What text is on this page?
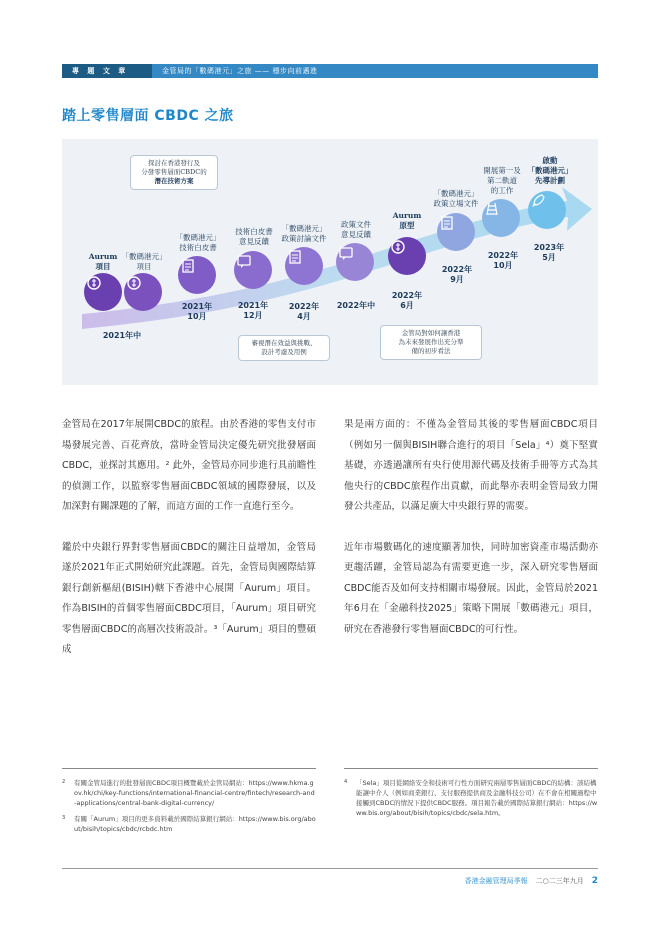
專 題 文 章	金管局的「數碼港元」之旅 —— 穩步向前邁進
踏上零售層面 CBDC 之旅
Aurum
項目
「數碼港元」
項目
「數碼港元」
技術白皮書
技術白皮書
意見反饋
「數碼港元」
政策討論文件
政策文件
意見反饋
Aurum
原型
「數碼港元」
政策立場文件
開展第一及
第二軌道
的工作
啟動
「數碼港元」
先導計劃
2021年中
2021年
10月
2021年
12月
2022年
4月
2022年中
2022年
6月
2022年
9月
2022年
10月
2023年
5月
探討在香港發行及
分發零售層面CBDC的
潛在技術方案
審視潛在效益與挑戰、
設計考慮及用例
金管局對如何讓香港
為未來發展作出充分準
備的初步看法

金管局在2017年展開CBDC的旅程。由於香港的零售支付市場發展完善、百花齊放，當時金管局決定優先研究批發層面CBDC，並探討其應用。² 此外，金管局亦同步進行具前瞻性的偵測工作，以監察零售層面CBDC領域的國際發展，以及加深對有關課題的了解，而這方面的工作一直進行至今。

鑑於中央銀行界對零售層面CBDC的關注日益增加，金管局遂於2021年正式開始研究此課題。首先，金管局與國際結算銀行創新樞紐(BISIH)轄下香港中心展開「Aurum」項目。作為BISIH的首個零售層面CBDC項目，「Aurum」項目研究零售層面CBDC的高層次技術設計。³「Aurum」項目的豐碩成

果是兩方面的：不僅為金管局其後的零售層面CBDC項目（例如另一個與BISIH聯合進行的項目「Sela」⁴）奠下堅實基礎，亦透過讓所有央行使用源代碼及技術手冊等方式為其他央行的CBDC旅程作出貢獻，而此舉亦表明金管局致力開發公共產品，以滿足廣大中央銀行界的需要。

近年市場數碼化的速度顯著加快，同時加密資產市場活動亦更趨活躍，金管局認為有需要更進一步，深入研究零售層面CBDC能否及如何支持相關市場發展。因此，金管局於2021年6月在「金融科技2025」策略下開展「數碼港元」項目，研究在香港發行零售層面CBDC的可行性。

2	有關金管局進行的批發層面CBDC項目概覽載於金管局網站：https://www.hkma.gov.hk/chi/key-functions/international-financial-centre/fintech/research-and-applications/central-bank-digital-currency/
3	有關「Aurum」項目的更多資料載於國際結算銀行網站：https://www.bis.org/about/bisih/topics/cbdc/rcbdc.htm
4	「Sela」項目從網絡安全和技術可行性方面研究兩層零售層面CBDC的結構：該結構能讓中介人（例如商業銀行、支付服務提供商及金融科技公司）在不會在相關過程中接觸到CBDC的情況下提供CBDC服務。項目報告載於國際結算銀行網站：https://www.bis.org/about/bisih/topics/cbdc/sela.htm。
香港金融管理局季報 二○二三年九月 2
